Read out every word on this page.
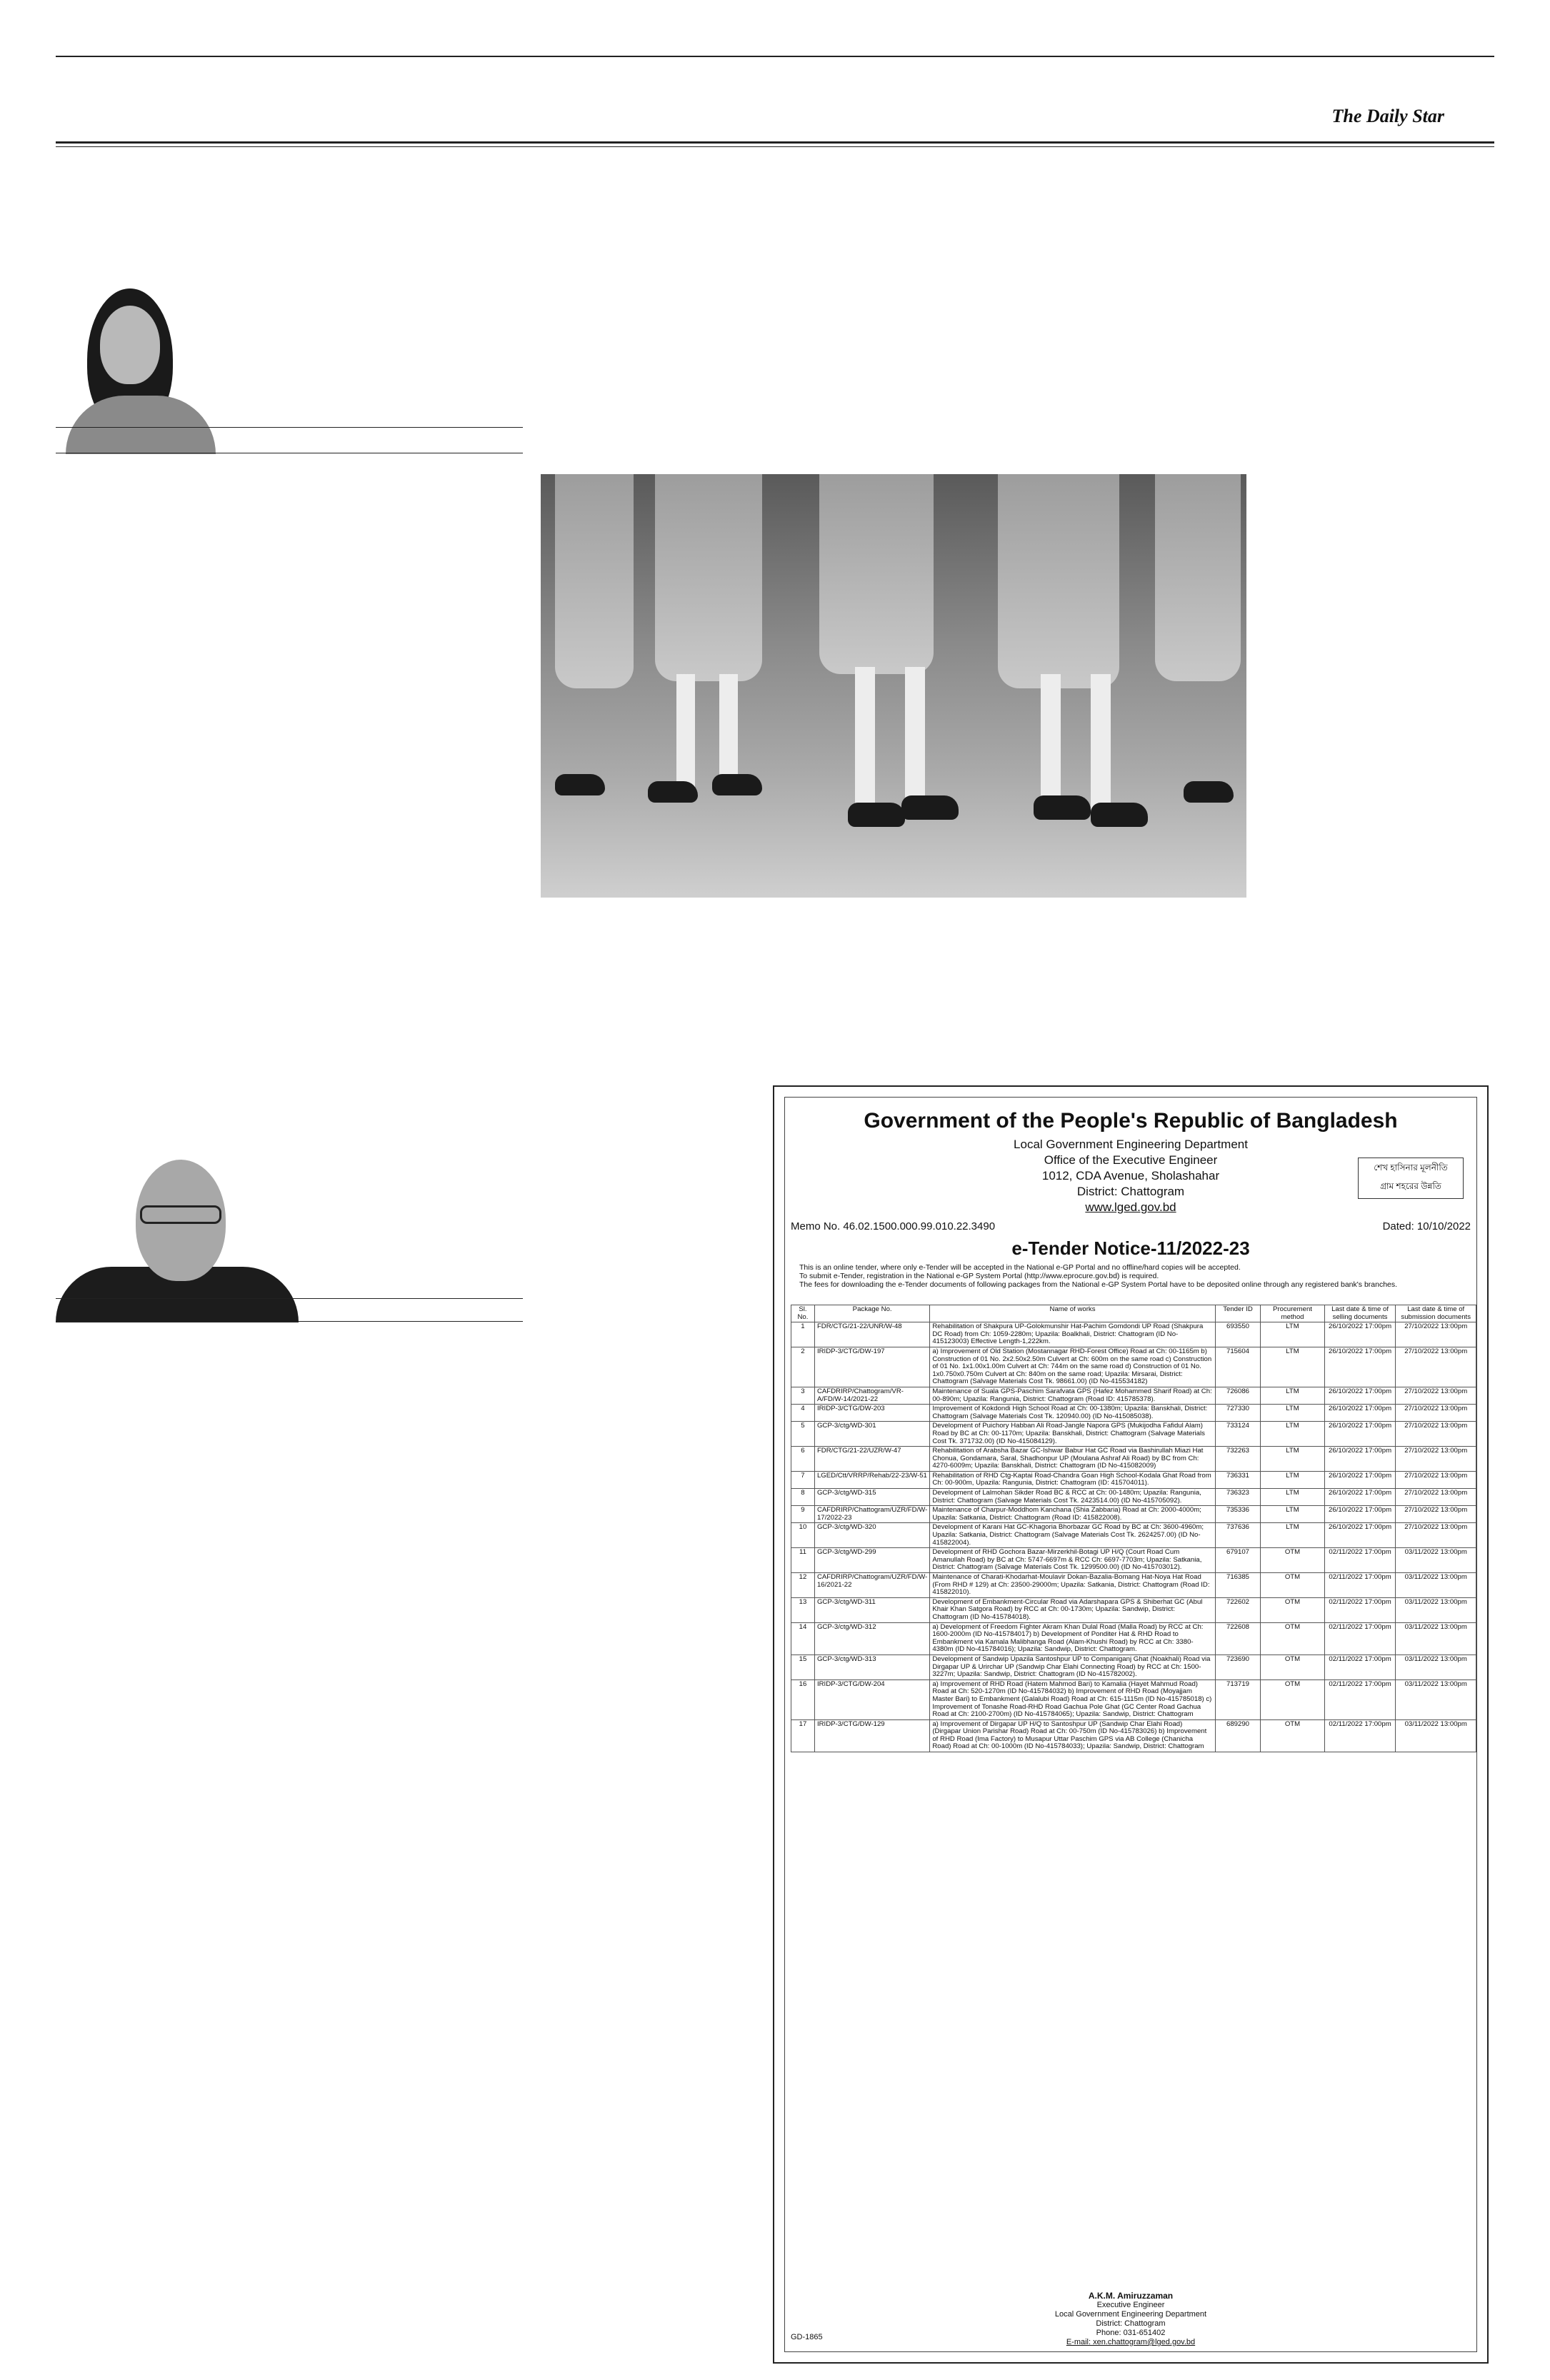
The Daily Star
Government of the People's Republic of Bangladesh
Local Government Engineering Department
Office of the Executive Engineer
1012, CDA Avenue, Sholashahar
District: Chattogram
www.lged.gov.bd
শেখ হাসিনার মূলনীতি
গ্রাম শহরের উন্নতি
Memo No. 46.02.1500.000.99.010.22.3490	Dated: 10/10/2022
e-Tender Notice-11/2022-23
This is an online tender, where only e-Tender will be accepted in the National e-GP Portal and no offline/hard copies will be accepted.
To submit e-Tender, registration in the National e-GP System Portal (http://www.eprocure.gov.bd) is required.
The fees for downloading the e-Tender documents of following packages from the National e-GP System Portal have to be deposited online through any registered bank's branches.
Sl. No.	Package No.	Name of works	Tender ID	Procurement method	Last date & time of selling documents	Last date & time of submission documents
1	FDR/CTG/21-22/UNR/W-48	Rehabilitation of Shakpura UP-Golokmunshir Hat-Pachim Gomdondi UP Road (Shakpura DC Road) from Ch: 1059-2280m; Upazila: Boalkhali, District: Chattogram (ID No-415123003) Effective Length-1,222km.	693550	LTM	26/10/2022 17:00pm	27/10/2022 13:00pm
2	IRIDP-3/CTG/DW-197	a) Improvement of Old Station (Mostannagar RHD-Forest Office) Road at Ch: 00-1165m b) Construction of 01 No. 2x2.50x2.50m Culvert at Ch: 600m on the same road c) Construction of 01 No. 1x1.00x1.00m Culvert at Ch: 744m on the same road d) Construction of 01 No. 1x0.750x0.750m Culvert at Ch: 840m on the same road; Upazila: Mirsarai, District: Chattogram (Salvage Materials Cost Tk. 98661.00) (ID No-415534182)	715604	LTM	26/10/2022 17:00pm	27/10/2022 13:00pm
3	CAFDRIRP/Chattogram/VR-A/FD/W-14/2021-22	Maintenance of Suala GPS-Paschim Sarafvata GPS (Hafez Mohammed Sharif Road) at Ch: 00-890m; Upazila: Rangunia, District: Chattogram (Road ID: 415785378).	726086	LTM	26/10/2022 17:00pm	27/10/2022 13:00pm
4	IRIDP-3/CTG/DW-203	Improvement of Kokdondi High School Road at Ch: 00-1380m; Upazila: Banskhali, District: Chattogram (Salvage Materials Cost Tk. 120940.00) (ID No-415085038).	727330	LTM	26/10/2022 17:00pm	27/10/2022 13:00pm
5	GCP-3/ctg/WD-301	Development of Puichory Habban Ali Road-Jangle Napora GPS (Mukijodha Fafidul Alam) Road by BC at Ch: 00-1170m; Upazila: Banskhali, District: Chattogram (Salvage Materials Cost Tk. 371732.00) (ID No-415084129).	733124	LTM	26/10/2022 17:00pm	27/10/2022 13:00pm
6	FDR/CTG/21-22/UZR/W-47	Rehabilitation of Arabsha Bazar GC-Ishwar Babur Hat GC Road via Bashirullah Miazi Hat Chonua, Gondamara, Saral, Shadhonpur UP (Moulana Ashraf Ali Road) by BC from Ch: 4270-6009m; Upazila: Banskhali, District: Chattogram (ID No-415082009)	732263	LTM	26/10/2022 17:00pm	27/10/2022 13:00pm
7	LGED/Ctt/VRRP/Rehab/22-23/W-51	Rehabilitation of RHD Ctg-Kaptai Road-Chandra Goan High School-Kodala Ghat Road from Ch: 00-900m, Upazila: Rangunia, District: Chattogram (ID: 415704011).	736331	LTM	26/10/2022 17:00pm	27/10/2022 13:00pm
8	GCP-3/ctg/WD-315	Development of Lalmohan Sikder Road BC & RCC at Ch: 00-1480m; Upazila: Rangunia, District: Chattogram (Salvage Materials Cost Tk. 2423514.00) (ID No-415705092).	736323	LTM	26/10/2022 17:00pm	27/10/2022 13:00pm
9	CAFDRIRP/Chattogram/UZR/FD/W-17/2022-23	Maintenance of Charpur-Moddhom Kanchana (Shia Zabbaria) Road at Ch: 2000-4000m; Upazila: Satkania, District: Chattogram (Road ID: 415822008).	735336	LTM	26/10/2022 17:00pm	27/10/2022 13:00pm
10	GCP-3/ctg/WD-320	Development of Karani Hat GC-Khagoria Bhorbazar GC Road by BC at Ch: 3600-4960m; Upazila: Satkania, District: Chattogram (Salvage Materials Cost Tk. 2624257.00) (ID No-415822004).	737636	LTM	26/10/2022 17:00pm	27/10/2022 13:00pm
11	GCP-3/ctg/WD-299	Development of RHD Gochora Bazar-Mirzerkhil-Botagi UP H/Q (Court Road Cum Amanullah Road) by BC at Ch: 5747-6697m & RCC Ch: 6697-7703m; Upazila: Satkania, District: Chattogram (Salvage Materials Cost Tk. 1299500.00) (ID No-415703012).	679107	OTM	02/11/2022 17:00pm	03/11/2022 13:00pm
12	CAFDRIRP/Chattogram/UZR/FD/W-16/2021-22	Maintenance of Charati-Khodarhat-Moulavir Dokan-Bazalia-Bomang Hat-Noya Hat Road (From RHD # 129) at Ch: 23500-29000m; Upazila: Satkania, District: Chattogram (Road ID: 415822010).	716385	OTM	02/11/2022 17:00pm	03/11/2022 13:00pm
13	GCP-3/ctg/WD-311	Development of Embankment-Circular Road via Adarshapara GPS & Shiberhat GC (Abul Khair Khan Satgora Road) by RCC at Ch: 00-1730m; Upazila: Sandwip, District: Chattogram (ID No-415784018).	722602	OTM	02/11/2022 17:00pm	03/11/2022 13:00pm
14	GCP-3/ctg/WD-312	a) Development of Freedom Fighter Akram Khan Dulal Road (Malla Road) by RCC at Ch: 1600-2000m (ID No-415784017) b) Development of Ponditer Hat & RHD Road to Embankment via Kamala Malibhanga Road (Alam-Khushi Road) by RCC at Ch: 3380-4380m (ID No-415784016); Upazila: Sandwip, District: Chattogram.	722608	OTM	02/11/2022 17:00pm	03/11/2022 13:00pm
15	GCP-3/ctg/WD-313	Development of Sandwip Upazila Santoshpur UP to Companiganj Ghat (Noakhali) Road via Dirgapar UP & Urirchar UP (Sandwip Char Elahi Connecting Road) by RCC at Ch: 1500-3227m; Upazila: Sandwip, District: Chattogram (ID No-415782002).	723690	OTM	02/11/2022 17:00pm	03/11/2022 13:00pm
16	IRIDP-3/CTG/DW-204	a) Improvement of RHD Road (Hatem Mahmod Bari) to Kamalia (Hayet Mahmud Road) Road at Ch: 520-1270m (ID No-415784032) b) Improvement of RHD Road (Moyajjam Master Bari) to Embankment (Galalubi Road) Road at Ch: 615-1115m (ID No-415785018) c) Improvement of Tonashe Road-RHD Road Gachua Pole Ghat (GC Center Road Gachua Road at Ch: 2100-2700m) (ID No-415784065); Upazila: Sandwip, District: Chattogram	713719	OTM	02/11/2022 17:00pm	03/11/2022 13:00pm
17	IRIDP-3/CTG/DW-129	a) Improvement of Dirgapar UP H/Q to Santoshpur UP (Sandwip Char Elahi Road) (Dirgapar Union Parishar Road) Road at Ch: 00-750m (ID No-415783026) b) Improvement of RHD Road (Ima Factory) to Musapur Uttar Paschim GPS via AB College (Chanicha Road) Road at Ch: 00-1000m (ID No-415784033); Upazila: Sandwip, District: Chattogram	689290	OTM	02/11/2022 17:00pm	03/11/2022 13:00pm
A.K.M. Amiruzzaman
Executive Engineer
Local Government Engineering Department
District: Chattogram
Phone: 031-651402
E-mail: xen.chattogram@lged.gov.bd
GD-1865
